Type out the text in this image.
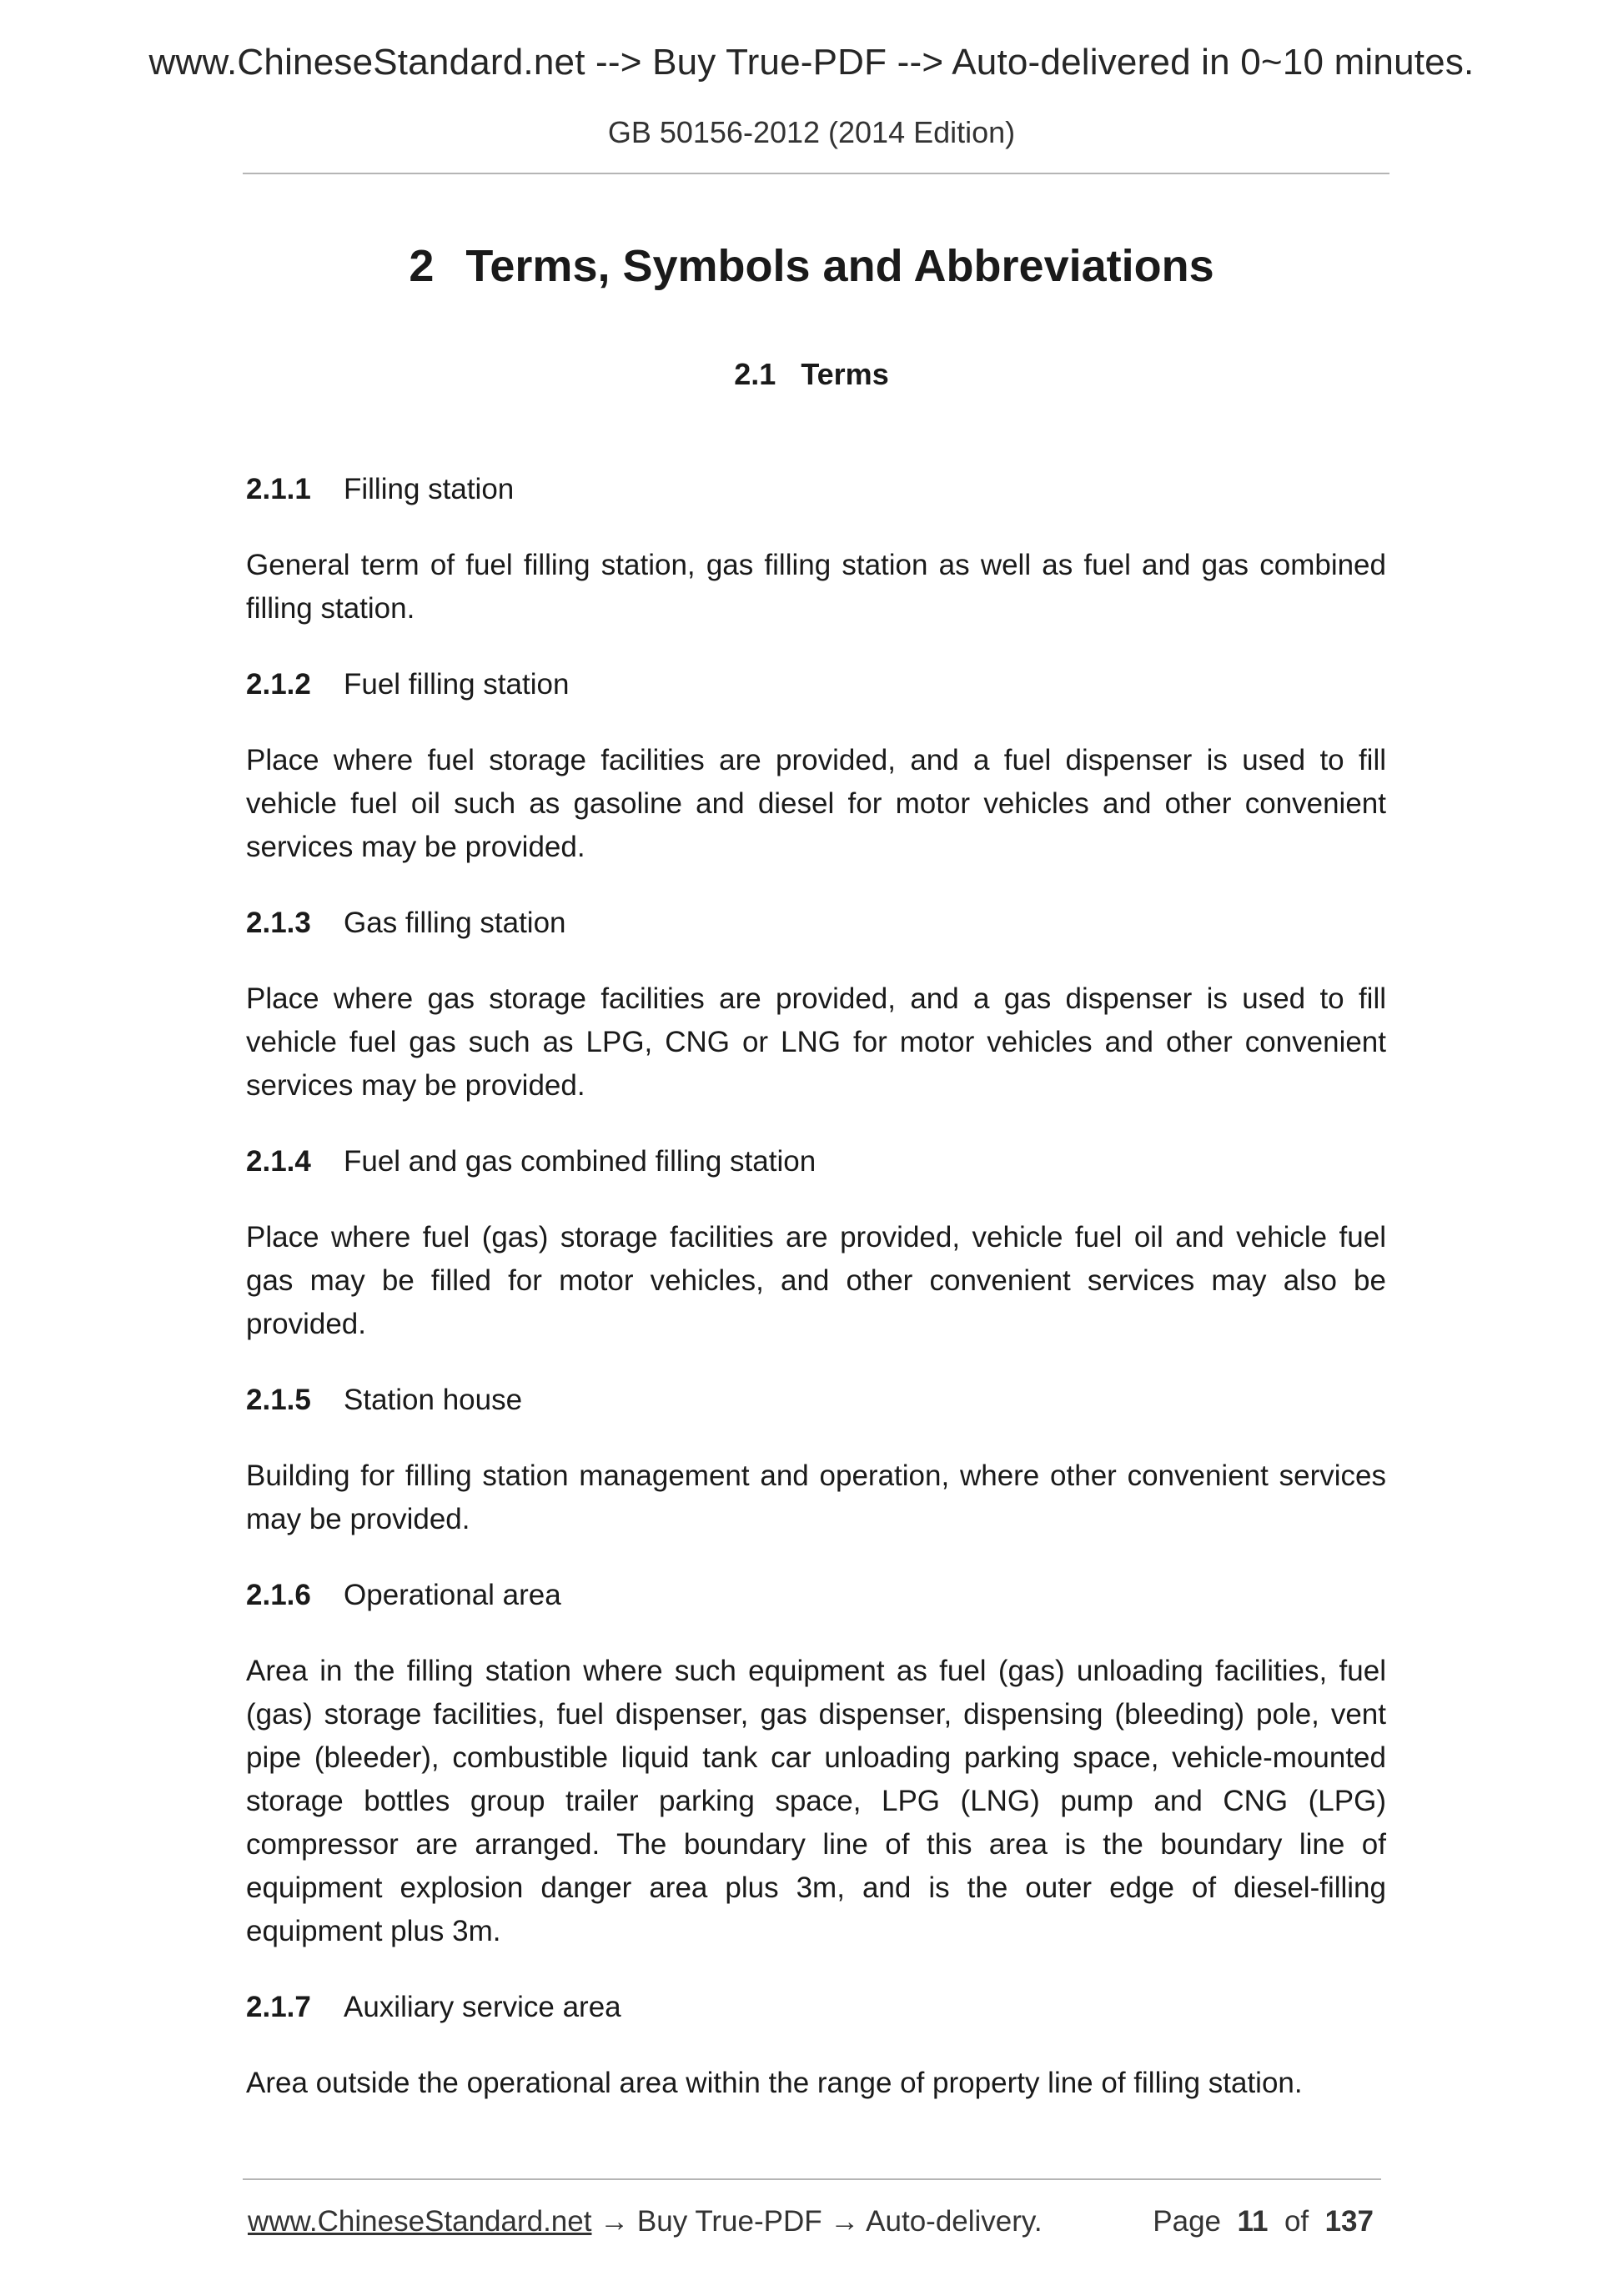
www.ChineseStandard.net --> Buy True-PDF --> Auto-delivered in 0~10 minutes.
GB 50156-2012 (2014 Edition)
2 Terms, Symbols and Abbreviations
2.1 Terms
2.1.1 Filling station
General term of fuel filling station, gas filling station as well as fuel and gas combined filling station.
2.1.2 Fuel filling station
Place where fuel storage facilities are provided, and a fuel dispenser is used to fill vehicle fuel oil such as gasoline and diesel for motor vehicles and other convenient services may be provided.
2.1.3 Gas filling station
Place where gas storage facilities are provided, and a gas dispenser is used to fill vehicle fuel gas such as LPG, CNG or LNG for motor vehicles and other convenient services may be provided.
2.1.4 Fuel and gas combined filling station
Place where fuel (gas) storage facilities are provided, vehicle fuel oil and vehicle fuel gas may be filled for motor vehicles, and other convenient services may also be provided.
2.1.5 Station house
Building for filling station management and operation, where other convenient services may be provided.
2.1.6 Operational area
Area in the filling station where such equipment as fuel (gas) unloading facilities, fuel (gas) storage facilities, fuel dispenser, gas dispenser, dispensing (bleeding) pole, vent pipe (bleeder), combustible liquid tank car unloading parking space, vehicle-mounted storage bottles group trailer parking space, LPG (LNG) pump and CNG (LPG) compressor are arranged. The boundary line of this area is the boundary line of equipment explosion danger area plus 3m, and is the outer edge of diesel-filling equipment plus 3m.
2.1.7 Auxiliary service area
Area outside the operational area within the range of property line of filling station.
www.ChineseStandard.net → Buy True-PDF → Auto-delivery.	Page 11 of 137
